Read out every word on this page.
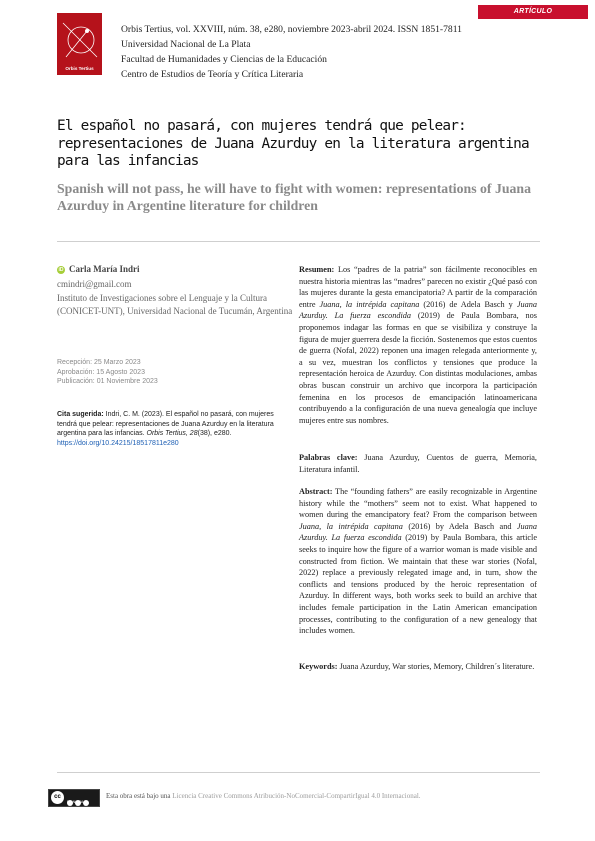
ARTÍCULO
Orbis Tertius
Orbis Tertius, vol. XXVIII, núm. 38, e280, noviembre 2023-abril 2024. ISSN 1851-7811
Universidad Nacional de La Plata
Facultad de Humanidades y Ciencias de la Educación
Centro de Estudios de Teoría y Crítica Literaria
El español no pasará, con mujeres tendrá que pelear: representaciones de Juana Azurduy en la literatura argentina para las infancias
Spanish will not pass, he will have to fight with women: representations of Juana Azurduy in Argentine literature for children
iD Carla María Indri
cmindri@gmail.com
Instituto de Investigaciones sobre el Lenguaje y la Cultura (CONICET-UNT), Universidad Nacional de Tucumán, Argentina
Recepción: 25 Marzo 2023
Aprobación: 15 Agosto 2023
Publicación: 01 Noviembre 2023
Cita sugerida: Indri, C. M. (2023). El español no pasará, con mujeres tendrá que pelear: representaciones de Juana Azurduy en la literatura argentina para las infancias. Orbis Tertius, 28(38), e280. https://doi.org/10.24215/18517811e280
Resumen: Los “padres de la patria” son fácilmente reconocibles en nuestra historia mientras las “madres” parecen no existir ¿Qué pasó con las mujeres durante la gesta emancipatoria? A partir de la comparación entre Juana, la intrépida capitana (2016) de Adela Basch y Juana Azurduy. La fuerza escondida (2019) de Paula Bombara, nos proponemos indagar las formas en que se visibiliza y construye la figura de mujer guerrera desde la ficción. Sostenemos que estos cuentos de guerra (Nofal, 2022) reponen una imagen relegada anteriormente y, a su vez, muestran los conflictos y tensiones que produce la representación heroica de Azurduy. Con distintas modulaciones, ambas obras buscan construir un archivo que incorpora la participación femenina en los procesos de emancipación latinoamericana contribuyendo a la configuración de una nueva genealogía que incluye mujeres entre sus nombres.
Palabras clave: Juana Azurduy, Cuentos de guerra, Memoria, Literatura infantil.
Abstract: The “founding fathers” are easily recognizable in Argentine history while the “mothers” seem not to exist. What happened to women during the emancipatory feat? From the comparison between Juana, la intrépida capitana (2016) by Adela Basch and Juana Azurduy. La fuerza escondida (2019) by Paula Bombara, this article seeks to inquire how the figure of a warrior woman is made visible and constructed from fiction. We maintain that these war stories (Nofal, 2022) replace a previously relegated image and, in turn, show the conflicts and tensions produced by the heroic representation of Azurduy. In different ways, both works seek to build an archive that includes female participation in the Latin American emancipation processes, contributing to the configuration of a new genealogy that includes women.
Keywords: Juana Azurduy, War stories, Memory, Children´s literature.
cc
BY NC SA
Esta obra está bajo una Licencia Creative Commons Atribución-NoComercial-CompartirIgual 4.0 Internacional.
